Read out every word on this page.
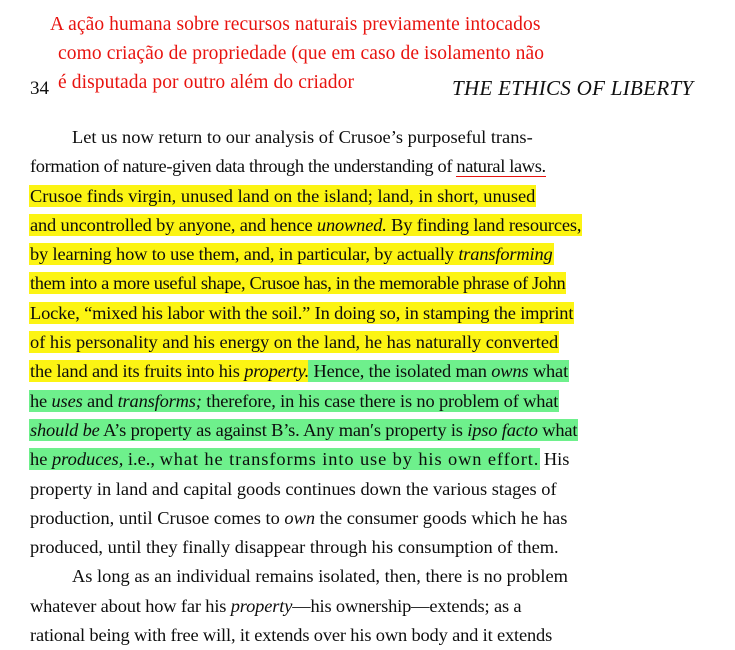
A ação humana sobre recursos naturais previamente intocados
como criação de propriedade (que em caso de isolamento não
é disputada por outro além do criador
34	THE ETHICS OF LIBERTY
Let us now return to our analysis of Crusoe’s purposeful trans-
formation of nature-given data through the understanding of natural laws.
Crusoe finds virgin, unused land on the island; land, in short, unused
and uncontrolled by anyone, and hence unowned. By finding land resources,
by learning how to use them, and, in particular, by actually transforming
them into a more useful shape, Crusoe has, in the memorable phrase of John
Locke, “mixed his labor with the soil.” In doing so, in stamping the imprint
of his personality and his energy on the land, he has naturally converted
the land and its fruits into his property. Hence, the isolated man owns what
he uses and transforms; therefore, in his case there is no problem of what
should be A’s property as against B’s. Any man′s property is ipso facto what
he produces, i.e., what he transforms into use by his own effort. His
property in land and capital goods continues down the various stages of
production, until Crusoe comes to own the consumer goods which he has
produced, until they finally disappear through his consumption of them.
As long as an individual remains isolated, then, there is no problem
whatever about how far his property—his ownership—extends; as a
rational being with free will, it extends over his own body and it extends
